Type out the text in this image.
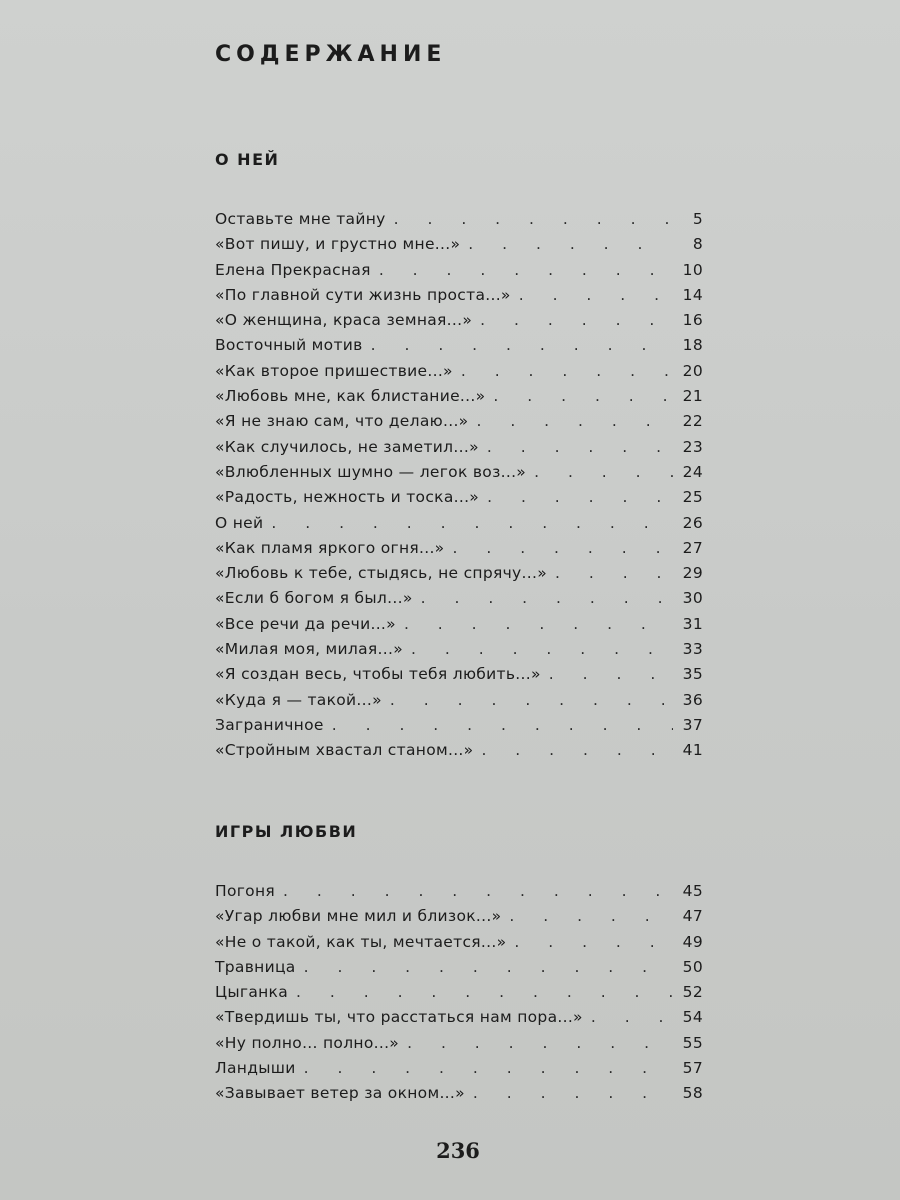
СОДЕРЖАНИЕ
О НЕЙ
Оставьте мне тайну . . .	5
«Вот пишу, и грустно мне...» . . .	8
Елена Прекрасная . . .	10
«По главной сути жизнь проста...» . . .	14
«О женщина, краса земная...» . . .	16
Восточный мотив . . .	18
«Как второе пришествие...» . . .	20
«Любовь мне, как блистание...» . . .	21
«Я не знаю сам, что делаю...» . . .	22
«Как случилось, не заметил...» . . .	23
«Влюбленных шумно — легок воз...» . . .	24
«Радость, нежность и тоска...» . . .	25
О ней . . .	26
«Как пламя яркого огня...» . . .	27
«Любовь к тебе, стыдясь, не спрячу...» . . .	29
«Если б богом я был...» . . .	30
«Все речи да речи...» . . .	31
«Милая моя, милая...» . . .	33
«Я создан весь, чтобы тебя любить...» . . .	35
«Куда я — такой...» . . .	36
Заграничное . . .	37
«Стройным хвастал станом...» . . .	41
ИГРЫ ЛЮБВИ
Погоня . . .	45
«Угар любви мне мил и близок...» . . .	47
«Не о такой, как ты, мечтается...» . . .	49
Травница . . .	50
Цыганка . . .	52
«Твердишь ты, что расстаться нам пора...» . . .	54
«Ну полно... полно...» . . .	55
Ландыши . . .	57
«Завывает ветер за окном...» . . .	58
236
